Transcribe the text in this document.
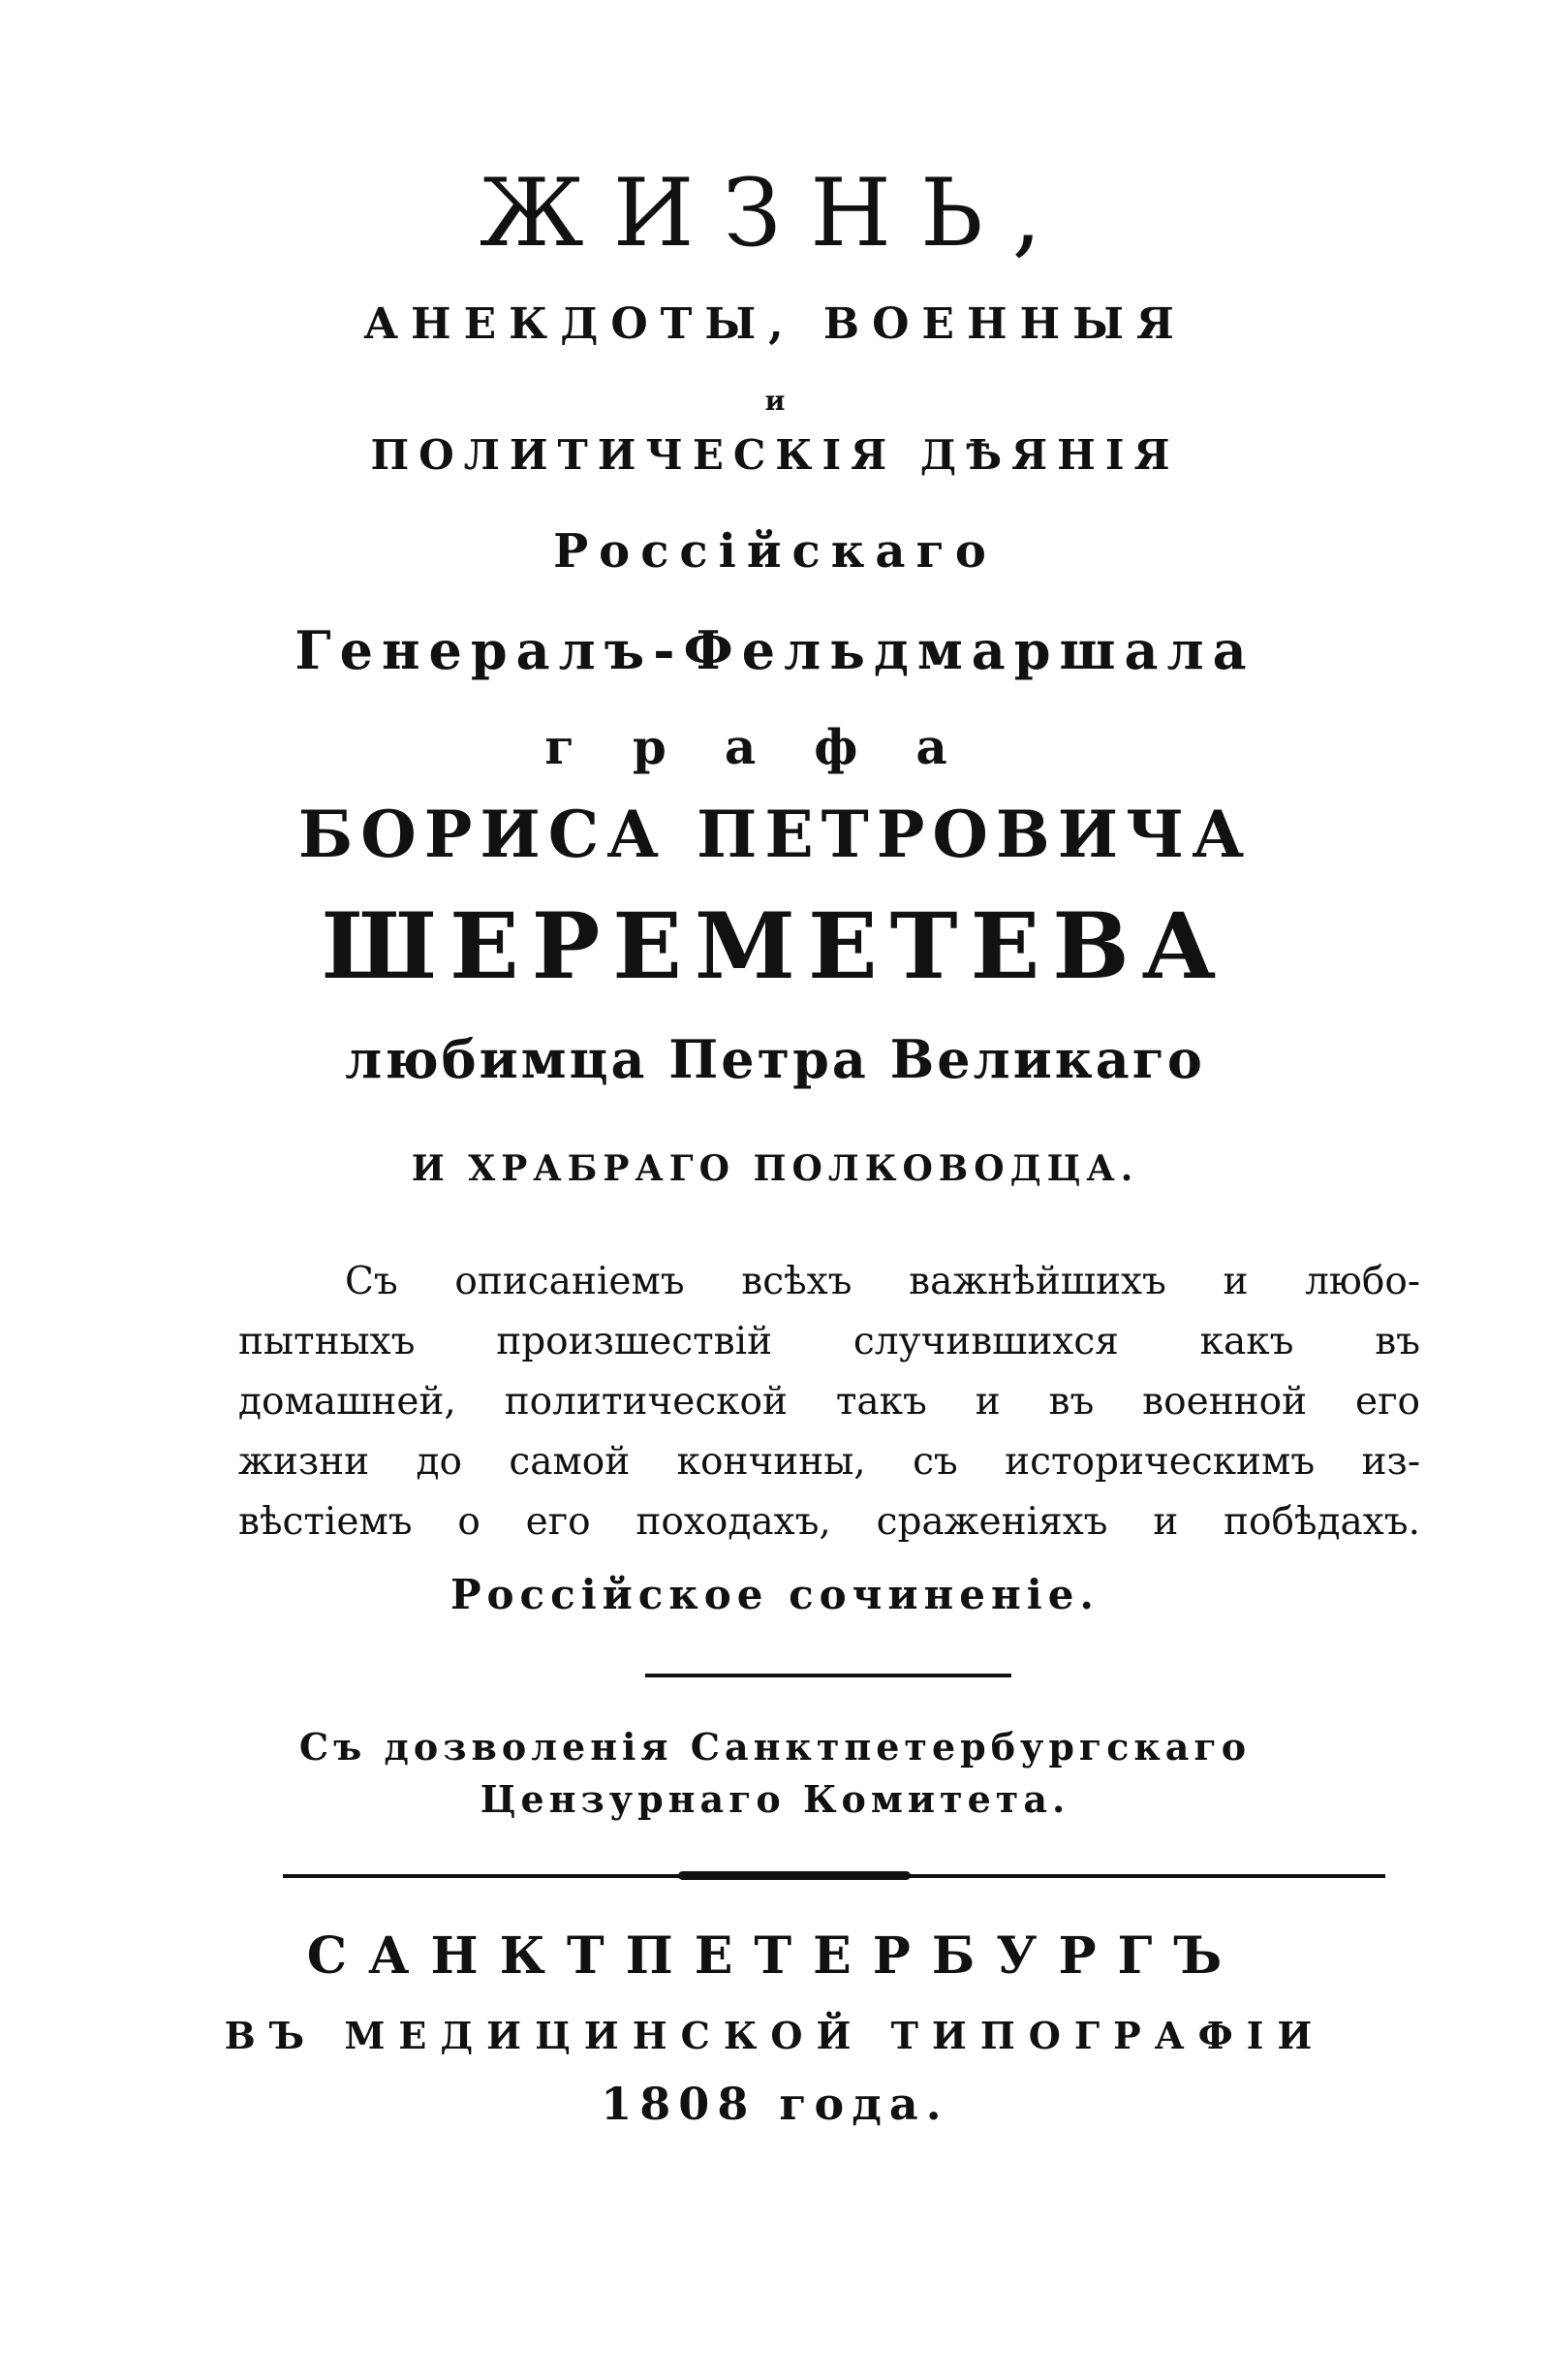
ЖИЗНЬ,
АНЕКДОТЫ, ВОЕННЫЯ
и
ПОЛИТИЧЕСКІЯ ДѢЯНІЯ
Россійскаго
Генералъ-Фельдмаршала
графа
БОРИСА ПЕТРОВИЧА
ШЕРЕМЕТЕВА
любимца Петра Великаго
И ХРАБРАГО ПОЛКОВОДЦА.
Съ описаніемъ всѣхъ важнѣйшихъ и любо-
пытныхъ произшествій случившихся какъ въ
домашней, политической такъ и въ военной его
жизни до самой кончины, съ историческимъ из-
вѣстіемъ о его походахъ, сраженіяхъ и побѣдахъ.
Россійское сочиненіе.
Съ дозволенія Санктпетербургскаго
Цензурнаго Комитета.
САНКТПЕТЕРБУРГЪ
ВЪ МЕДИЦИНСКОЙ ТИПОГРАФІИ
1808 года.
